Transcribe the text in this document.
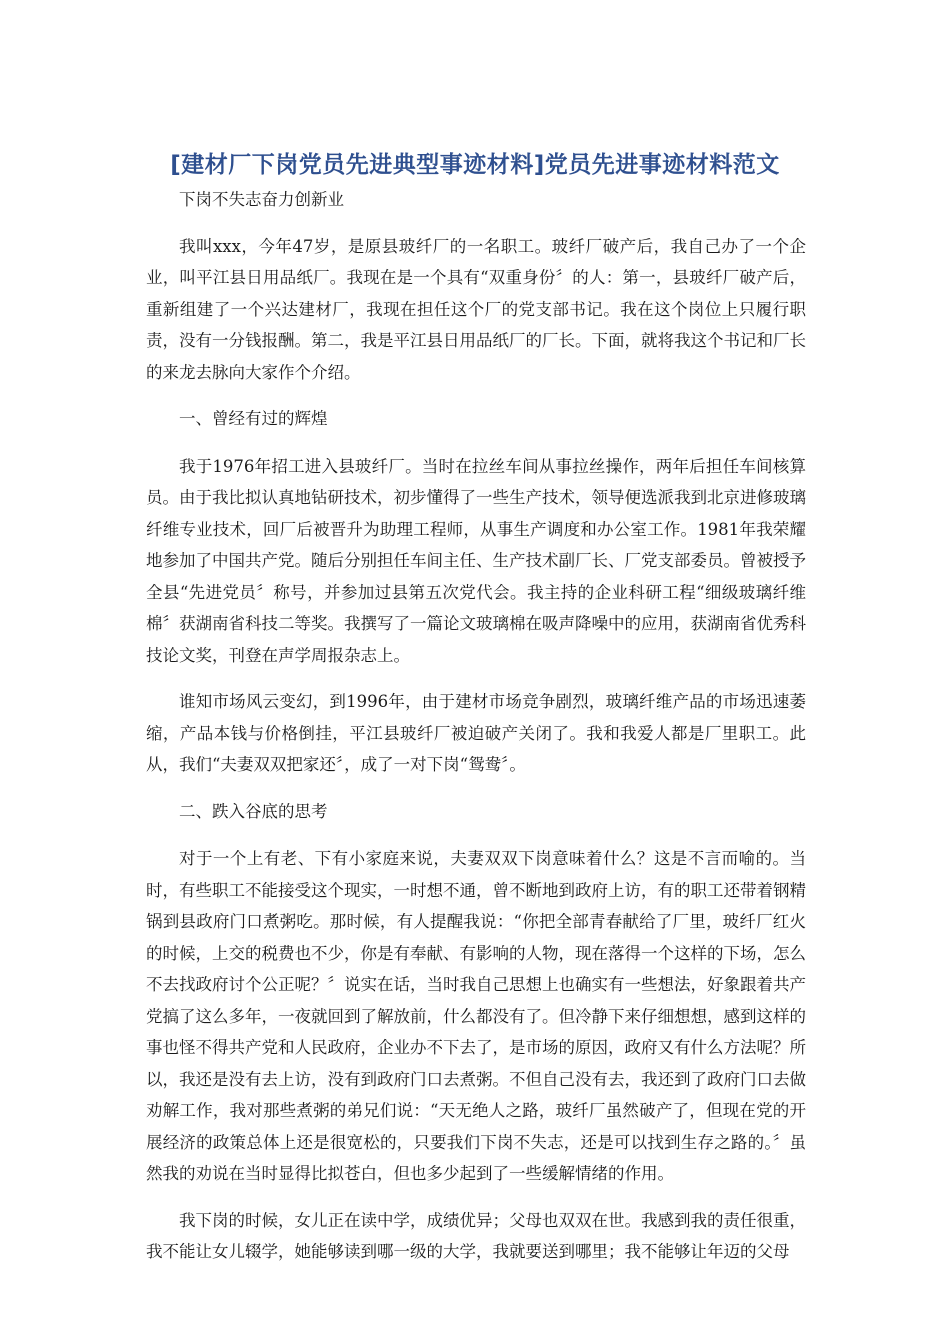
[建材厂下岗党员先进典型事迹材料]党员先进事迹材料范文

下岗不失志奋力创新业

我叫xxx，今年47岁，是原县玻纤厂的一名职工。玻纤厂破产后，我自己办了一个企业，叫平江县日用品纸厂。我现在是一个具有“双重身份〞的人：第一，县玻纤厂破产后，重新组建了一个兴达建材厂，我现在担任这个厂的党支部书记。我在这个岗位上只履行职责，没有一分钱报酬。第二，我是平江县日用品纸厂的厂长。下面，就将我这个书记和厂长的来龙去脉向大家作个介绍。

一、曾经有过的辉煌

我于1976年招工进入县玻纤厂。当时在拉丝车间从事拉丝操作，两年后担任车间核算员。由于我比拟认真地钻研技术，初步懂得了一些生产技术，领导便选派我到北京进修玻璃纤维专业技术，回厂后被晋升为助理工程师，从事生产调度和办公室工作。1981年我荣耀地参加了中国共产党。随后分别担任车间主任、生产技术副厂长、厂党支部委员。曾被授予全县“先进党员〞称号，并参加过县第五次党代会。我主持的企业科研工程“细级玻璃纤维棉〞获湖南省科技二等奖。我撰写了一篇论文玻璃棉在吸声降噪中的应用，获湖南省优秀科技论文奖，刊登在声学周报杂志上。

谁知市场风云变幻，到1996年，由于建材市场竞争剧烈，玻璃纤维产品的市场迅速萎缩，产品本钱与价格倒挂，平江县玻纤厂被迫破产关闭了。我和我爱人都是厂里职工。此从，我们“夫妻双双把家还〞，成了一对下岗“鸳鸯〞。

二、跌入谷底的思考

对于一个上有老、下有小家庭来说，夫妻双双下岗意味着什么？这是不言而喻的。当时，有些职工不能接受这个现实，一时想不通，曾不断地到政府上访，有的职工还带着钢精锅到县政府门口煮粥吃。那时候，有人提醒我说：“你把全部青春献给了厂里，玻纤厂红火的时候，上交的税费也不少，你是有奉献、有影响的人物，现在落得一个这样的下场，怎么不去找政府讨个公正呢？〞说实在话，当时我自己思想上也确实有一些想法，好象跟着共产党搞了这么多年，一夜就回到了解放前，什么都没有了。但冷静下来仔细想想，感到这样的事也怪不得共产党和人民政府，企业办不下去了，是市场的原因，政府又有什么方法呢？所以，我还是没有去上访，没有到政府门口去煮粥。不但自己没有去，我还到了政府门口去做劝解工作，我对那些煮粥的弟兄们说：“天无绝人之路，玻纤厂虽然破产了，但现在党的开展经济的政策总体上还是很宽松的，只要我们下岗不失志，还是可以找到生存之路的。〞虽然我的劝说在当时显得比拟苍白，但也多少起到了一些缓解情绪的作用。

我下岗的时候，女儿正在读中学，成绩优异；父母也双双在世。我感到我的责任很重，我不能让女儿辍学，她能够读到哪一级的大学，我就要送到哪里；我不能够让年迈的父母
